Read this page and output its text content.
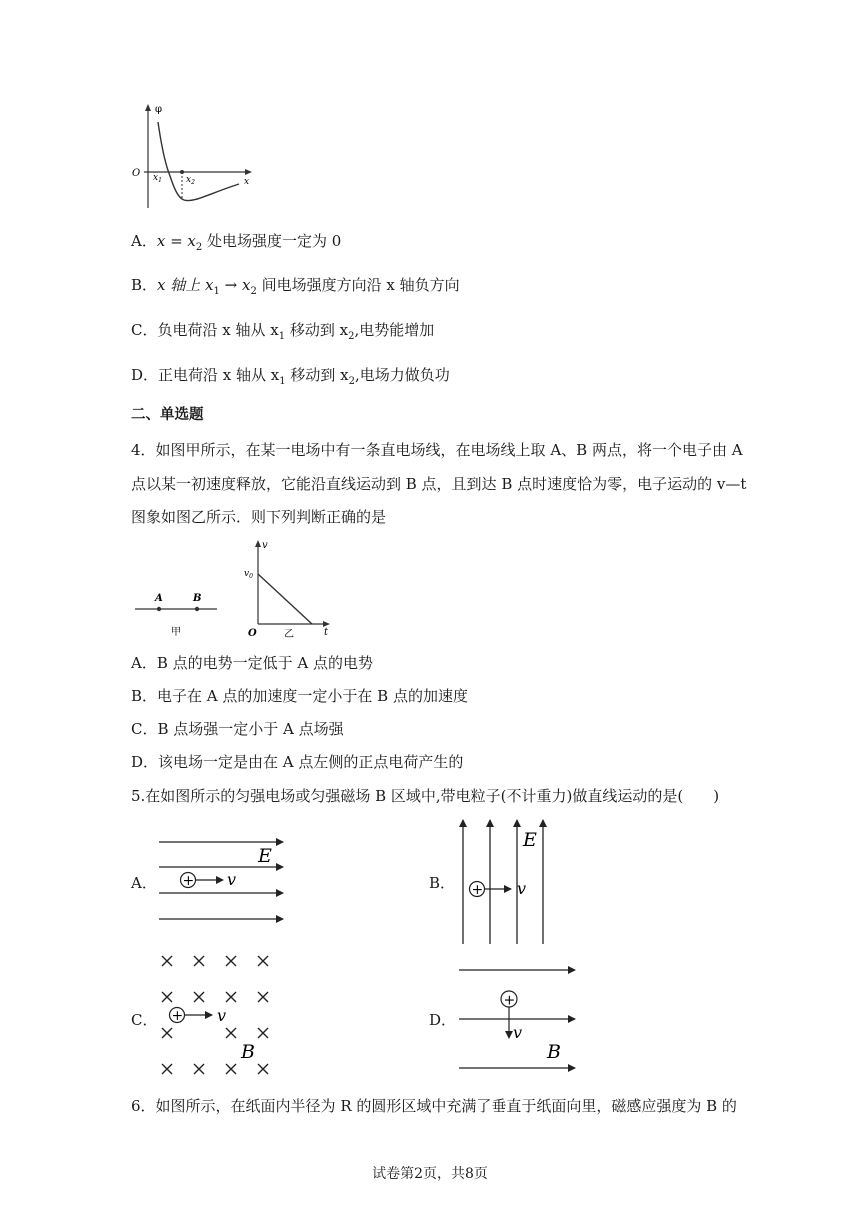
φ
O
x
$x_1$	$x_2$
A．$x = x_2$ 处电场强度一定为 0
B．x 轴上 $x_1 \to x_2$ 间电场强度方向沿 x 轴负方向
C．负电荷沿 x 轴从 $x_1$ 移动到 $x_2$,电势能增加
D．正电荷沿 x 轴从 $x_1$ 移动到 $x_2$,电场力做负功
二、单选题
4．如图甲所示，在某一电场中有一条直电场线，在电场线上取 A、B 两点，将一个电子由 A
点以某一初速度释放，它能沿直线运动到 B 点，且到达 B 点时速度恰为零，电子运动的 v—t
图象如图乙所示．则下列判断正确的是
A	B
甲
v
$v_0$
O	乙	t
A．B 点的电势一定低于 A 点的电势
B．电子在 A 点的加速度一定小于在 B 点的加速度
C．B 点场强一定小于 A 点场强
D．该电场一定是由在 A 点左侧的正点电荷产生的
5.在如图所示的匀强电场或匀强磁场 B 区域中,带电粒子(不计重力)做直线运动的是(　　)
A．
E
+ v	B．
E
+ v
C． + v
B
D．
+
v
B
6．如图所示，在纸面内半径为 R 的圆形区域中充满了垂直于纸面向里，磁感应强度为 B 的
试卷第2页，共8页
